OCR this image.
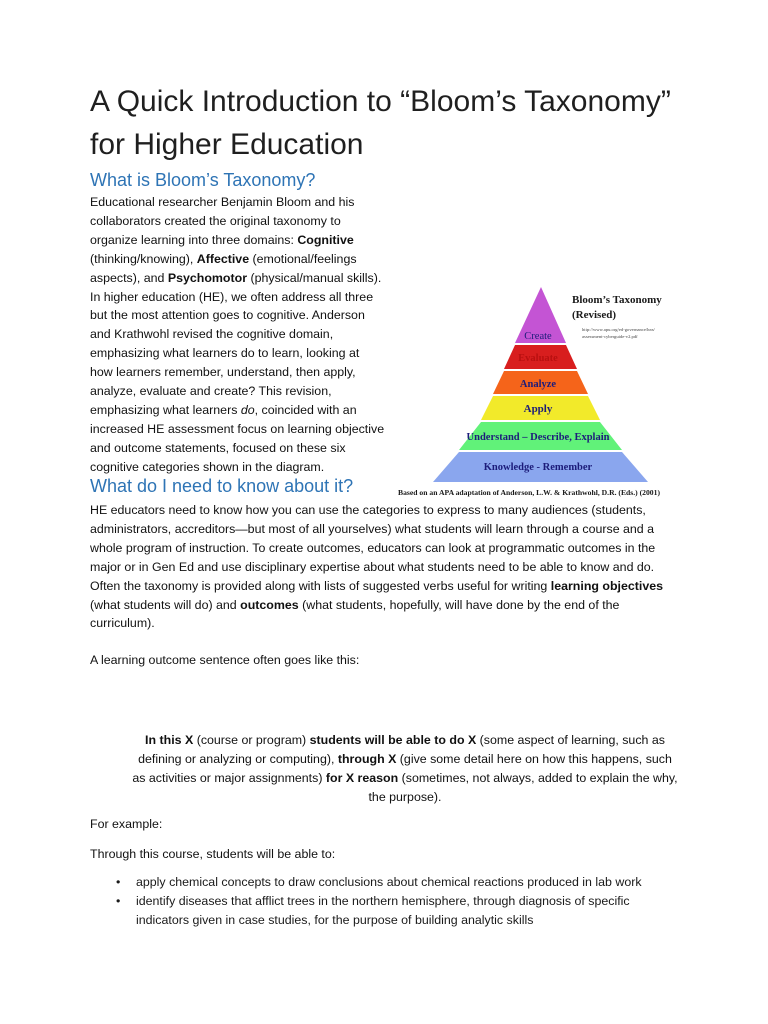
A Quick Introduction to “Bloom’s Taxonomy” for Higher Education
What is Bloom’s Taxonomy?

Educational researcher Benjamin Bloom and his collaborators created the original taxonomy to organize learning into three domains: Cognitive (thinking/knowing), Affective (emotional/feelings aspects), and Psychomotor (physical/manual skills). In higher education (HE), we often address all three but the most attention goes to cognitive. Anderson and Krathwohl revised the cognitive domain, emphasizing what learners do to learn, looking at how learners remember, understand, then apply, analyze, evaluate and create? This revision, emphasizing what learners do, coincided with an increased HE assessment focus on learning objective and outcome statements, focused on these six cognitive categories shown in the diagram.

Create
Evaluate
Analyze
Apply
Understand – Describe, Explain
Knowledge - Remember
Bloom’s Taxonomy
(Revised)
http://www.apu.org/ed-governance/hea/
assessment-cyberguide-v2.pdf
Based on an APA adaptation of Anderson, L.W. & Krathwohl, D.R. (Eds.) (2001)
What do I need to know about it?

HE educators need to know how you can use the categories to express to many audiences (students, administrators, accreditors—but most of all yourselves) what students will learn through a course and a whole program of instruction. To create outcomes, educators can look at programmatic outcomes in the major or in Gen Ed and use disciplinary expertise about what students need to be able to know and do. Often the taxonomy is provided along with lists of suggested verbs useful for writing learning objectives (what students will do) and outcomes (what students, hopefully, will have done by the end of the curriculum).

A learning outcome sentence often goes like this:

In this X (course or program) students will be able to do X (some aspect of learning, such as defining or analyzing or computing), through X (give some detail here on how this happens, such as activities or major assignments) for X reason (sometimes, not always, added to explain the why, the purpose).

For example:

Through this course, students will be able to:

• apply chemical concepts to draw conclusions about chemical reactions produced in lab work
• identify diseases that afflict trees in the northern hemisphere, through diagnosis of specific indicators given in case studies, for the purpose of building analytic skills
